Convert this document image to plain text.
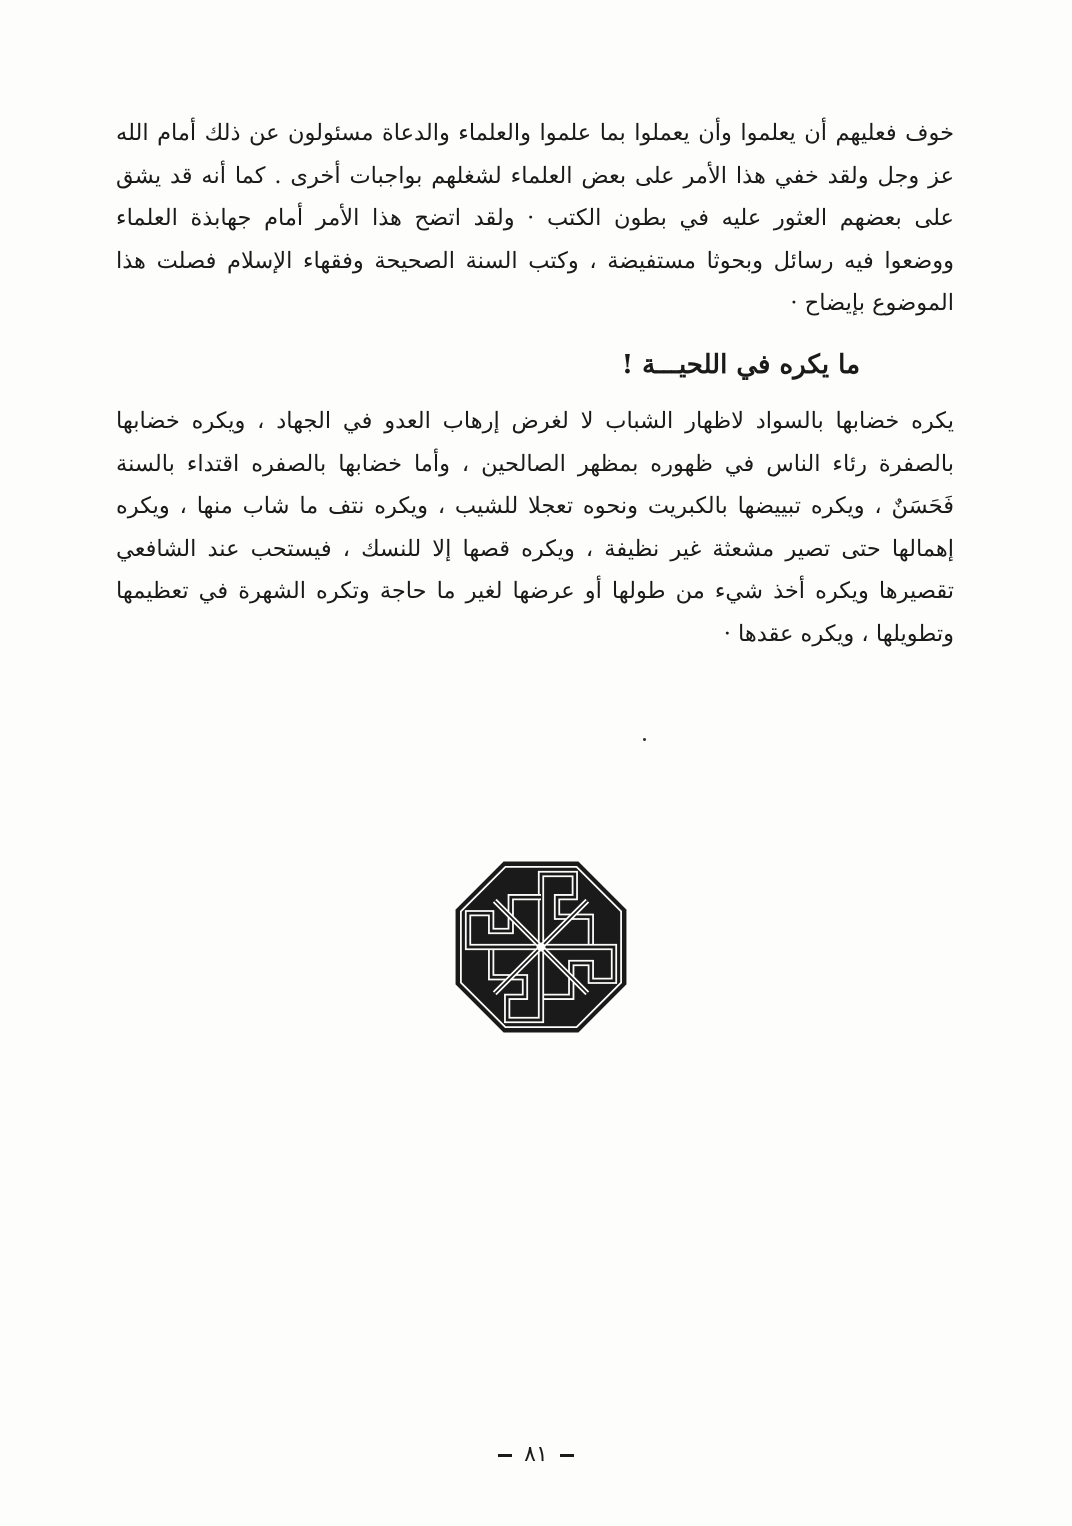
خوف فعليهم أن يعلموا وأن يعملوا بما علموا والعلماء والدعاة مسئولون عن ذلك أمام الله عز وجل ولقد خفي هذا الأمر على بعض العلماء لشغلهم بواجبات أخرى . كما أنه قد يشق على بعضهم العثور عليه في بطون الكتب · ولقد اتضح هذا الأمر أمام جهابذة العلماء ووضعوا فيه رسائل وبحوثا مستفيضة ، وكتب السنة الصحيحة وفقهاء الإسلام فصلت هذا الموضوع بإيضاح ·

ما يكره في اللحيـــة !

يكره خضابها بالسواد لاظهار الشباب لا لغرض إرهاب العدو في الجهاد ، ويكره خضابها بالصفرة رئاء الناس في ظهوره بمظهر الصالحين ، وأما خضابها بالصفره اقتداء بالسنة فَحَسَنٌ ، ويكره تبييضها بالكبريت ونحوه تعجلا للشيب ، ويكره نتف ما شاب منها ، ويكره إهمالها حتى تصير مشعثة غير نظيفة ، ويكره قصها إلا للنسك ، فيستحب عند الشافعي تقصيرها ويكره أخذ شيء من طولها أو عرضها لغير ما حاجة وتكره الشهرة في تعظيمها وتطويلها ، ويكره عقدها ·

٨١
